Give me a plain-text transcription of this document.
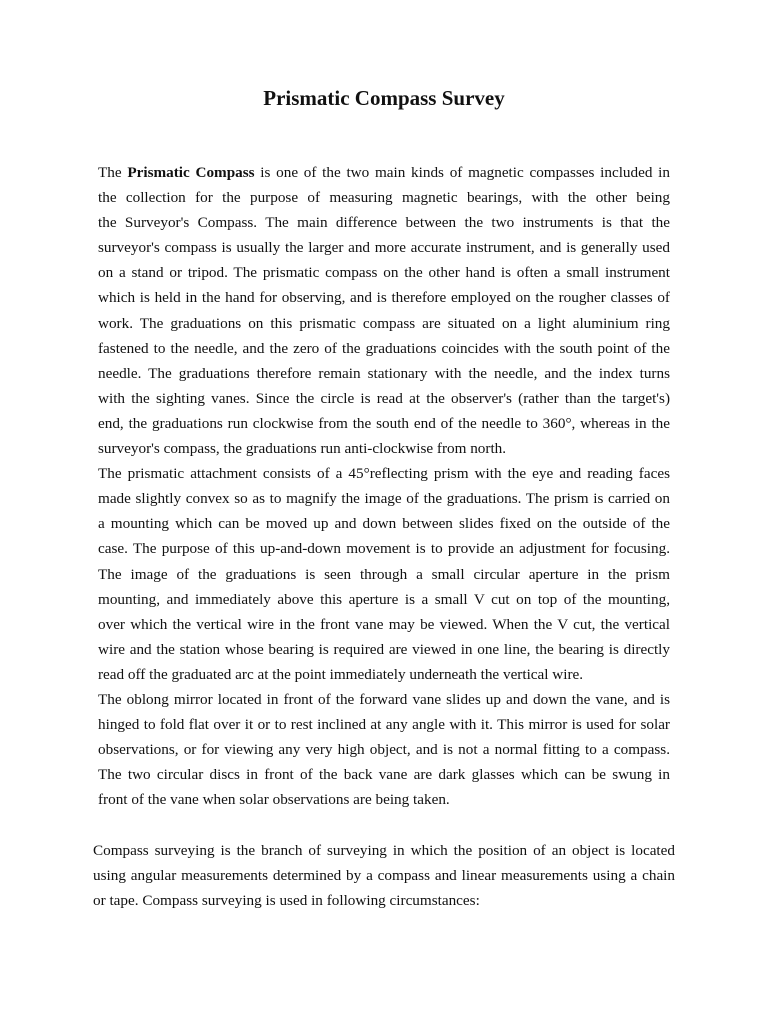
Prismatic Compass Survey
The Prismatic Compass is one of the two main kinds of magnetic compasses included in
the collection for the purpose of measuring magnetic bearings, with the other being
the Surveyor's Compass. The main difference between the two instruments is that the
surveyor's compass is usually the larger and more accurate instrument, and is generally used
on a stand or tripod. The prismatic compass on the other hand is often a small instrument
which is held in the hand for observing, and is therefore employed on the rougher classes of
work. The graduations on this prismatic compass are situated on a light aluminium ring
fastened to the needle, and the zero of the graduations coincides with the south point of the
needle. The graduations therefore remain stationary with the needle, and the index turns
with the sighting vanes. Since the circle is read at the observer's (rather than the target's)
end, the graduations run clockwise from the south end of the needle to 360°, whereas in the
surveyor's compass, the graduations run anti-clockwise from north.
The prismatic attachment consists of a 45°reflecting prism with the eye and reading faces
made slightly convex so as to magnify the image of the graduations. The prism is carried on
a mounting which can be moved up and down between slides fixed on the outside of the
case. The purpose of this up-and-down movement is to provide an adjustment for focusing.
The image of the graduations is seen through a small circular aperture in the prism
mounting, and immediately above this aperture is a small V cut on top of the mounting,
over which the vertical wire in the front vane may be viewed. When the V cut, the vertical
wire and the station whose bearing is required are viewed in one line, the bearing is directly
read off the graduated arc at the point immediately underneath the vertical wire.
The oblong mirror located in front of the forward vane slides up and down the vane, and is
hinged to fold flat over it or to rest inclined at any angle with it. This mirror is used for solar
observations, or for viewing any very high object, and is not a normal fitting to a compass.
The two circular discs in front of the back vane are dark glasses which can be swung in
front of the vane when solar observations are being taken.
Compass surveying is the branch of surveying in which the position of an object is located
using angular measurements determined by a compass and linear measurements using a chain
or tape. Compass surveying is used in following circumstances:
